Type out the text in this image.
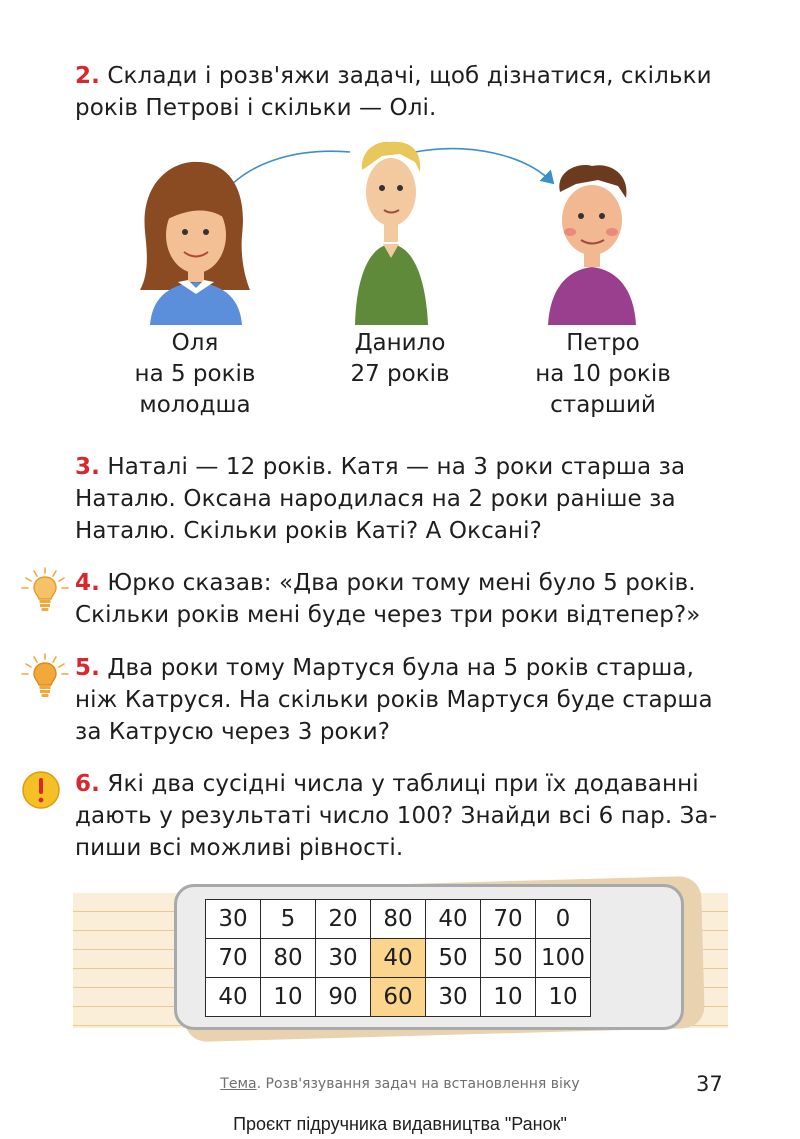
2. Склади і розв'яжи задачі, щоб дізнатися, скільки
років Петрові і скільки — Олі.
Оля
на 5 років
молодша
Данило
27 років
Петро
на 10 років
старший
3. Наталі — 12 років. Катя — на 3 роки старша за
Наталю. Оксана народилася на 2 роки раніше за
Наталю. Скільки років Каті? А Оксані?
4. Юрко сказав: «Два роки тому мені було 5 років.
Скільки років мені буде через три роки відтепер?»
5. Два роки тому Мартуся була на 5 років старша,
ніж Катруся. На скільки років Мартуся буде старша
за Катрусю через 3 роки?
6. Які два сусідні числа у таблиці при їх додаванні
дають у результаті число 100? Знайди всі 6 пар. За-
пиши всі можливі рівності.
30	5	20	80	40	70	0
70	80	30	40	50	50	100
40	10	90	60	30	10	10
Тема. Розв'язування задач на встановлення віку	37
Проєкт підручника видавництва "Ранок"
